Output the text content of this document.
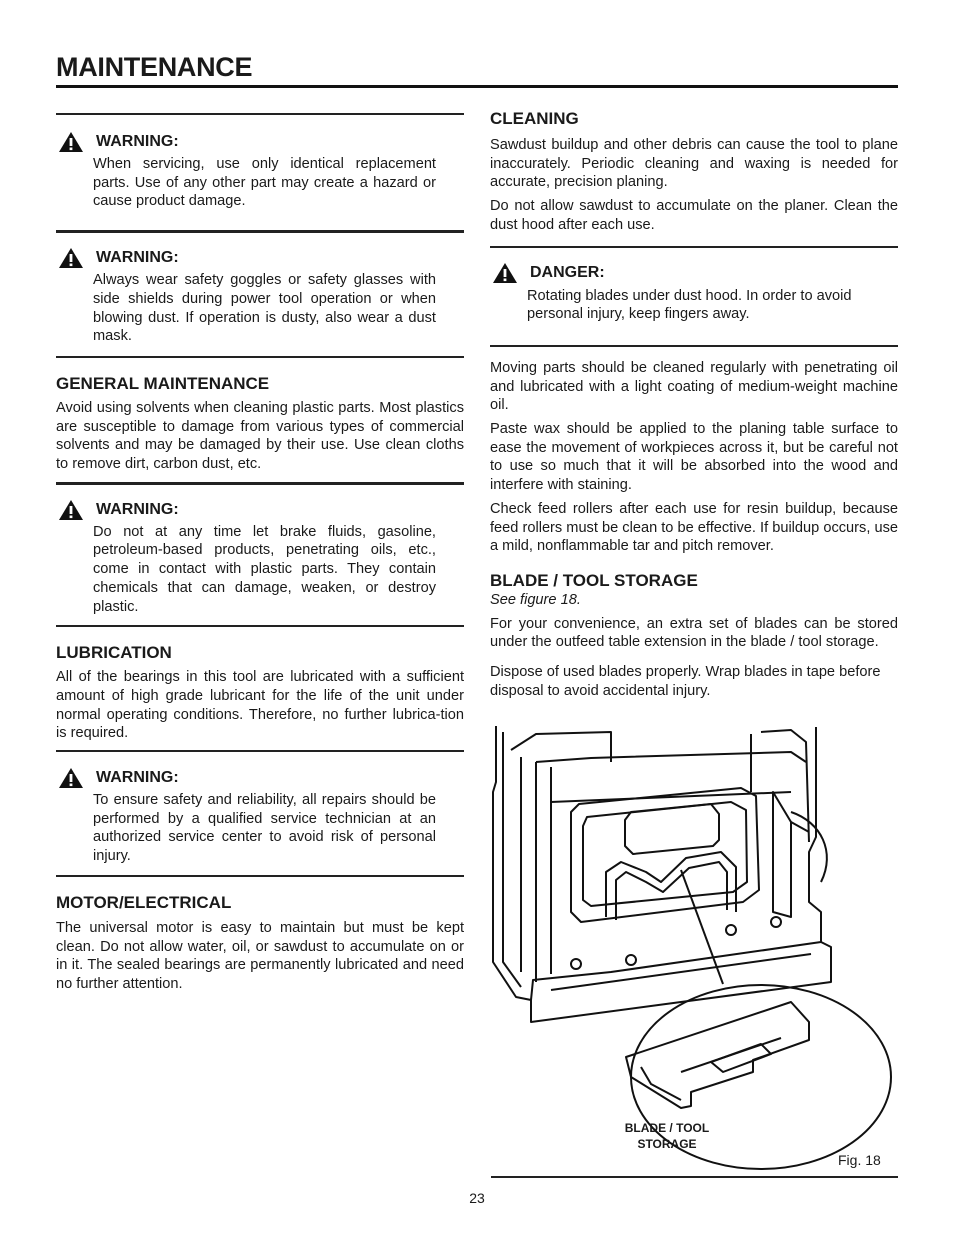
MAINTENANCE
WARNING:

When servicing, use only identical replacement parts. Use of any other part may create a hazard or cause product damage.

WARNING:

Always wear safety goggles or safety glasses with side shields during power tool operation or when blowing dust. If operation is dusty, also wear a dust mask.

GENERAL MAINTENANCE

Avoid using solvents when cleaning plastic parts. Most plastics are susceptible to damage from various types of commercial solvents and may be damaged by their use. Use clean cloths to remove dirt, carbon dust, etc.

WARNING:

Do not at any time let brake fluids, gasoline, petroleum-based products, penetrating oils, etc., come in contact with plastic parts. They contain chemicals that can damage, weaken, or destroy plastic.

LUBRICATION

All of the bearings in this tool are lubricated with a sufficient amount of high grade lubricant for the life of the unit under normal operating conditions. Therefore, no further lubrica-tion is required.

WARNING:

To ensure safety and reliability, all repairs should be performed by a qualified service technician at an authorized service center to avoid risk of personal injury.

MOTOR/ELECTRICAL

The universal motor is easy to maintain but must be kept clean. Do not allow water, oil, or sawdust to accumulate on or in it. The sealed bearings are permanently lubricated and need no further attention.

CLEANING

Sawdust buildup and other debris can cause the tool to plane inaccurately. Periodic cleaning and waxing is needed for accurate, precision planing.

Do not allow sawdust to accumulate on the planer. Clean the dust hood after each use.

DANGER:

Rotating blades under dust hood. In order to avoid personal injury, keep fingers away.

Moving parts should be cleaned regularly with penetrating oil and lubricated with a light coating of medium-weight machine oil.

Paste wax should be applied to the planing table surface to ease the movement of workpieces across it, but be careful not to use so much that it will be absorbed into the wood and interfere with staining.

Check feed rollers after each use for resin buildup, because feed rollers must be clean to be effective. If buildup occurs, use a mild, nonflammable tar and pitch remover.

BLADE / TOOL STORAGE

See figure 18.

For your convenience, an extra set of blades can be stored under the outfeed table extension in the blade / tool storage.

Dispose of used blades properly. Wrap blades in tape before disposal to avoid accidental injury.

BLADE / TOOL
STORAGE
Fig. 18
23
